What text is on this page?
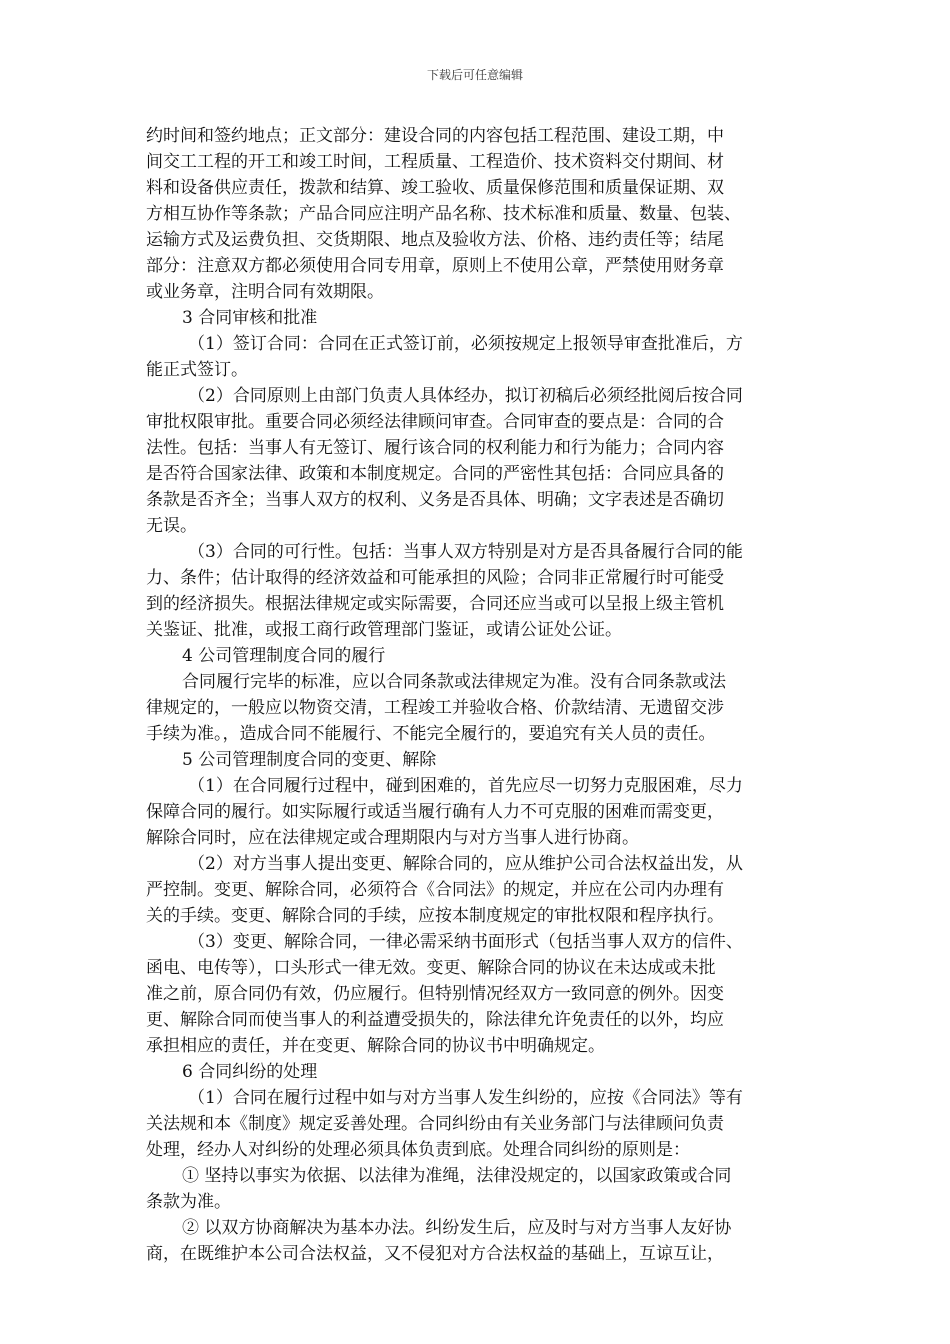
下载后可任意编辑
约时间和签约地点；正文部分：建设合同的内容包括工程范围、建设工期，中
间交工工程的开工和竣工时间，工程质量、工程造价、技术资料交付期间、材
料和设备供应责任，拨款和结算、竣工验收、质量保修范围和质量保证期、双
方相互协作等条款；产品合同应注明产品名称、技术标准和质量、数量、包装、
运输方式及运费负担、交货期限、地点及验收方法、价格、违约责任等；结尾
部分：注意双方都必须使用合同专用章，原则上不使用公章，严禁使用财务章
或业务章，注明合同有效期限。
3 合同审核和批准
（1）签订合同：合同在正式签订前，必须按规定上报领导审查批准后，方
能正式签订。
（2）合同原则上由部门负责人具体经办，拟订初稿后必须经批阅后按合同
审批权限审批。重要合同必须经法律顾问审查。合同审查的要点是：合同的合
法性。包括：当事人有无签订、履行该合同的权利能力和行为能力；合同内容
是否符合国家法律、政策和本制度规定。合同的严密性其包括：合同应具备的
条款是否齐全；当事人双方的权利、义务是否具体、明确；文字表述是否确切
无误。
（3）合同的可行性。包括：当事人双方特别是对方是否具备履行合同的能
力、条件；估计取得的经济效益和可能承担的风险；合同非正常履行时可能受
到的经济损失。根据法律规定或实际需要，合同还应当或可以呈报上级主管机
关鉴证、批准，或报工商行政管理部门鉴证，或请公证处公证。
4 公司管理制度合同的履行
合同履行完毕的标准，应以合同条款或法律规定为准。没有合同条款或法
律规定的，一般应以物资交清，工程竣工并验收合格、价款结清、无遗留交涉
手续为准。，造成合同不能履行、不能完全履行的，要追究有关人员的责任。
5 公司管理制度合同的变更、解除
（1）在合同履行过程中，碰到困难的，首先应尽一切努力克服困难，尽力
保障合同的履行。如实际履行或适当履行确有人力不可克服的困难而需变更，
解除合同时，应在法律规定或合理期限内与对方当事人进行协商。
（2）对方当事人提出变更、解除合同的，应从维护公司合法权益出发，从
严控制。变更、解除合同，必须符合《合同法》的规定，并应在公司内办理有
关的手续。变更、解除合同的手续，应按本制度规定的审批权限和程序执行。
（3）变更、解除合同，一律必需采纳书面形式（包括当事人双方的信件、
函电、电传等），口头形式一律无效。变更、解除合同的协议在未达成或未批
准之前，原合同仍有效，仍应履行。但特别情况经双方一致同意的例外。因变
更、解除合同而使当事人的利益遭受损失的，除法律允许免责任的以外，均应
承担相应的责任，并在变更、解除合同的协议书中明确规定。
6 合同纠纷的处理
（1）合同在履行过程中如与对方当事人发生纠纷的，应按《合同法》等有
关法规和本《制度》规定妥善处理。合同纠纷由有关业务部门与法律顾问负责
处理，经办人对纠纷的处理必须具体负责到底。处理合同纠纷的原则是：
① 坚持以事实为依据、以法律为准绳，法律没规定的，以国家政策或合同
条款为准。
② 以双方协商解决为基本办法。纠纷发生后，应及时与对方当事人友好协
商，在既维护本公司合法权益，又不侵犯对方合法权益的基础上，互谅互让，
